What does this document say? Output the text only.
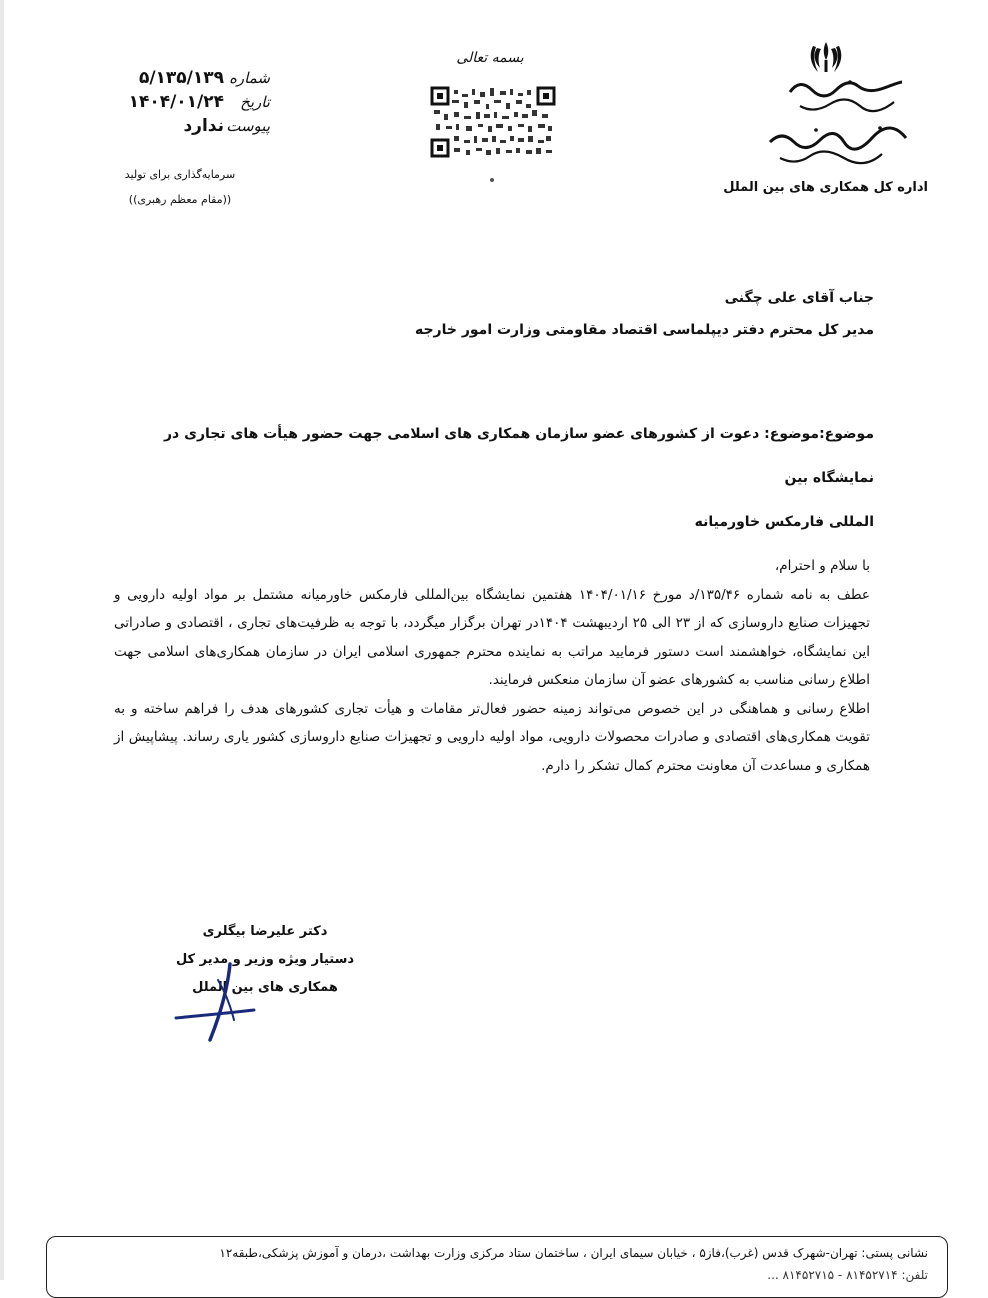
اداره کل همکاری های بین الملل
بسمه تعالی
شماره
۵/۱۳۵/۱۳۹
تاریخ
۱۴۰۴/۰۱/۲۴
پیوست
ندارد
سرمایه‌گذاری برای تولید
((مقام معظم رهبری))
جناب آقای علی چگنی
مدیر کل محترم دفتر دیپلماسی اقتصاد مقاومتی وزارت امور خارجه
موضوع:موضوع: دعوت از کشورهای عضو سازمان همکاری های اسلامی جهت حضور هیأت های تجاری در نمایشگاه بین
المللی فارمکس خاورمیانه

با سلام و احترام،

عطف به نامه شماره ۱۳۵/۴۶/د مورخ ۱۴۰۴/۰۱/۱۶ هفتمین نمایشگاه بین‌المللی فارمکس خاورمیانه مشتمل بر مواد اولیه دارویی و تجهیزات صنایع داروسازی که از ۲۳ الی ۲۵ اردیبهشت ۱۴۰۴در تهران برگزار میگردد، با توجه به ظرفیت‌های تجاری ، اقتصادی و صادراتی این نمایشگاه، خواهشمند است دستور فرمایید مراتب به نماینده محترم جمهوری اسلامی ایران در سازمان همکاری‌های اسلامی جهت اطلاع رسانی مناسب به کشورهای عضو آن سازمان منعکس فرمایند.

اطلاع رسانی و هماهنگی در این خصوص می‌تواند زمینه حضور فعال‌تر مقامات و هیأت تجاری کشورهای هدف را فراهم ساخته و به تقویت همکاری‌های اقتصادی و صادرات محصولات دارویی، مواد اولیه دارویی و تجهیزات صنایع داروسازی کشور یاری رساند. پیشاپیش از همکاری و مساعدت آن معاونت محترم کمال تشکر را دارم.

دکتر علیرضا بیگلری
دستیار ویژه وزیر و مدیر کل
همکاری های بین الملل
نشانی پستی: تهران-شهرک قدس (غرب)،فاز۵ ، خیابان سیمای ایران ، ساختمان ستاد مرکزی وزارت بهداشت ،درمان و آموزش پزشکی،طبقه۱۲
تلفن: ۸۱۴۵۲۷۱۴ - ۸۱۴۵۲۷۱۵ ...
